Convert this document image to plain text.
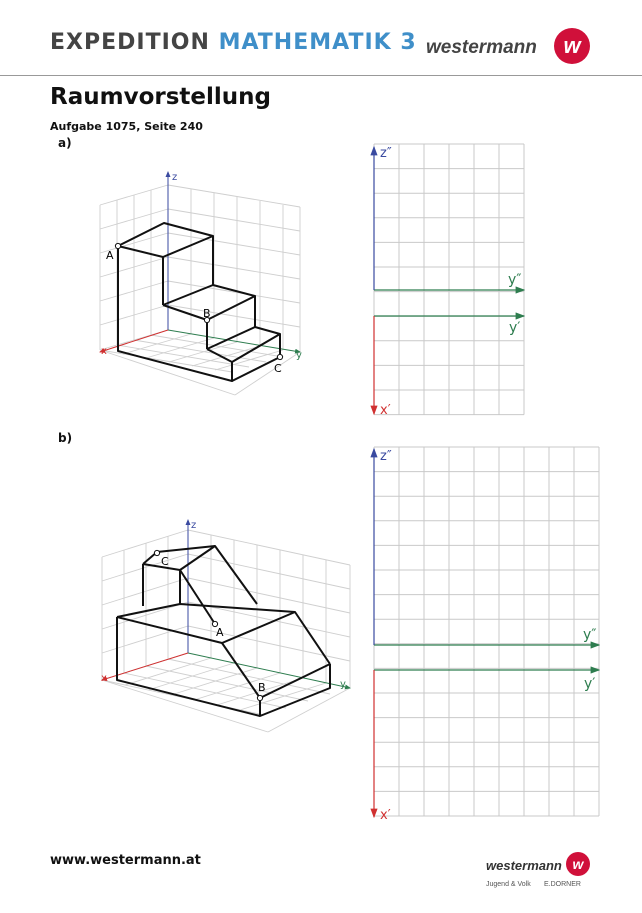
EXPEDITION MATHEMATIK 3 westermann	w
Raumvorstellung
Aufgabe 1075, Seite 240
a)
b)
z
y
x
A
B
C
z″
y″
y′
x′
z
y
x
C
A
B
z″
y″
y′
x′
www.westermann.at	westermann w
Jugend & Volk E.DORNER
